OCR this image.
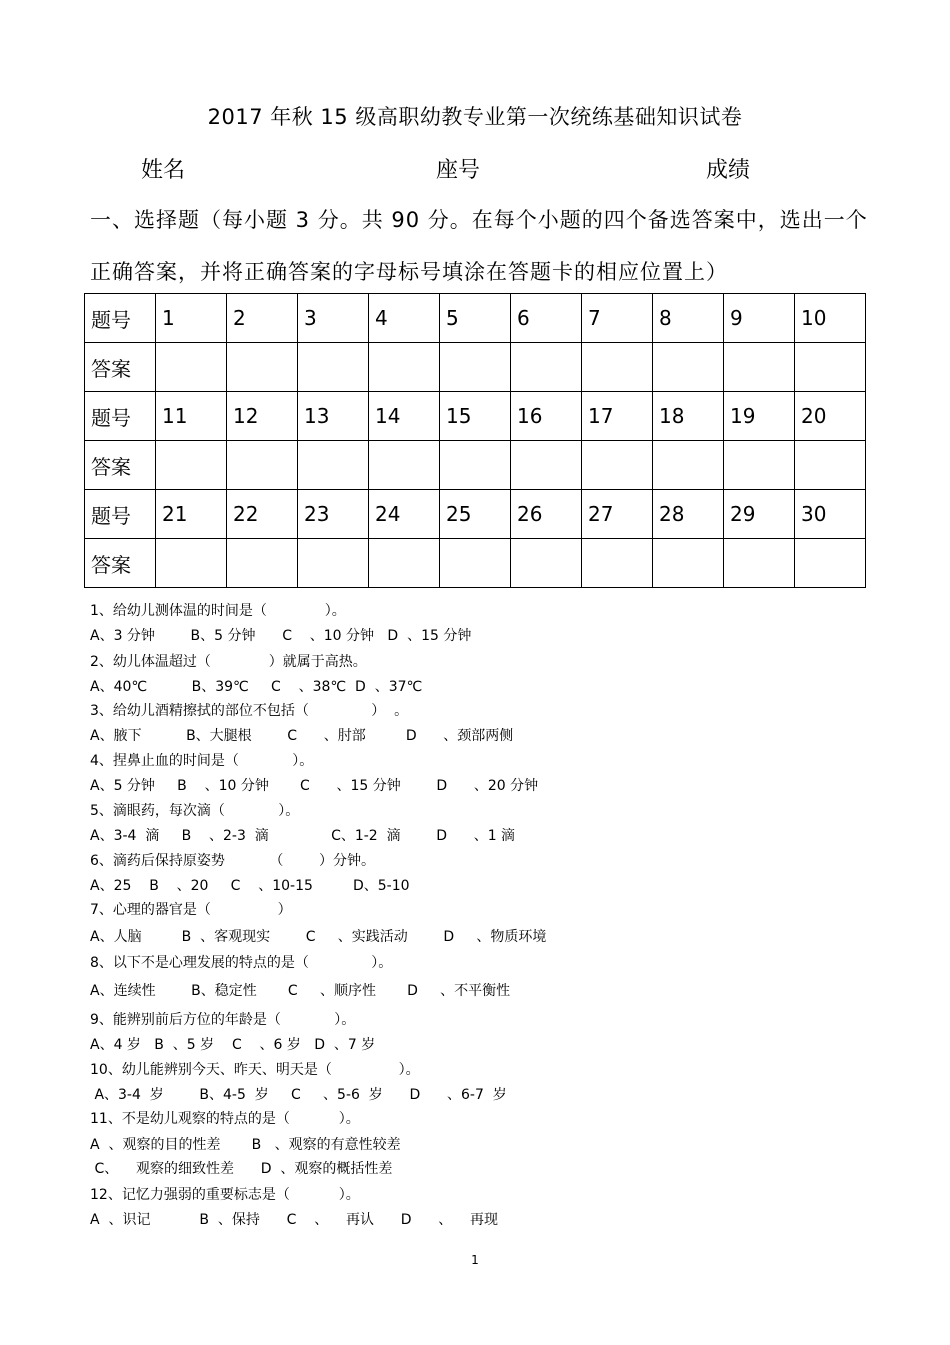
2017 年秋 15 级高职幼教专业第一次统练基础知识试卷
姓名	座号	成绩
一、选择题（每小题 3 分。共 90 分。在每个小题的四个备选答案中，选出一个
正确答案，并将正确答案的字母标号填涂在答题卡的相应位置上）
题号	1	2	3	4	5	6	7	8	9	10
答案										
题号	11	12	13	14	15	16	17	18	19	20
答案										
题号	21	22	23	24	25	26	27	28	29	30
答案										
1、给幼儿测体温的时间是（             ）。
A、3 分钟        B、5 分钟      C    、10 分钟   D  、15 分钟
2、幼儿体温超过（             ）就属于高热。
A、40℃          B、39℃     C    、38℃  D  、37℃
3、给幼儿酒精擦拭的部位不包括（              ）  。
A、腋下          B、大腿根        C      、肘部         D      、颈部两侧
4、捏鼻止血的时间是（            ）。
A、5 分钟     B    、10 分钟       C      、15 分钟        D      、20 分钟
5、滴眼药，每次滴（            ）。
A、3-4  滴     B    、2-3  滴              C、1-2  滴        D      、1 滴
6、滴药后保持原姿势          （        ）分钟。
A、25    B    、20     C    、10-15         D、5-10
7、心理的器官是（               ）
A、人脑         B  、客观现实        C     、实践活动        D     、物质环境
8、以下不是心理发展的特点的是（              ）。
A、连续性        B、稳定性       C     、顺序性       D     、不平衡性
9、能辨别前后方位的年龄是（            ）。
A、4 岁   B  、5 岁    C    、6 岁   D  、7 岁
10、幼儿能辨别今天、昨天、明天是（               ）。
A、3-4  岁        B、4-5  岁     C     、5-6  岁      D      、6-7  岁
11、不是幼儿观察的特点的是（           ）。
A  、观察的目的性差       B   、观察的有意性较差
C、    观察的细致性差      D  、观察的概括性差
12、记忆力强弱的重要标志是（           ）。
A  、识记           B  、保持      C    、    再认      D      、    再现
1
